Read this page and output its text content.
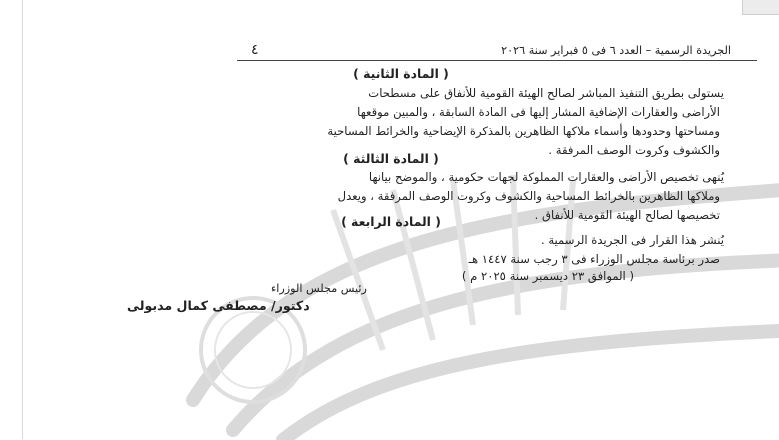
الجريدة الرسمية – العدد ٦ فى ٥ فبراير سنة ٢٠٢٦
٤
( المادة الثانية )
يستولى بطريق التنفيذ المباشر لصالح الهيئة القومية للأنفاق على مسطحات
الأراضى والعقارات الإضافية المشار إليها فى المادة السابقة ، والمبين موقعها
ومساحتها وحدودها وأسماء ملاكها الظاهرين بالمذكرة الإيضاحية والخرائط المساحية
والكشوف وكروت الوصف المرفقة .
( المادة الثالثة )
يُنهى تخصيص الأراضى والعقارات المملوكة لجهات حكومية ، والموضح بيانها
وملاكها الظاهرين بالخرائط المساحية والكشوف وكروت الوصف المرفقة ، ويعدل
تخصيصها لصالح الهيئة القومية للأنفاق .
( المادة الرابعة )
يُنشر هذا القرار فى الجريدة الرسمية .
صدر برئاسة مجلس الوزراء فى ٣ رجب سنة ١٤٤٧ هـ
( الموافق ٢٣ ديسمبر سنة ٢٠٢٥ م )
رئيس مجلس الوزراء
دكتور/ مصطفى كمال مدبولى
